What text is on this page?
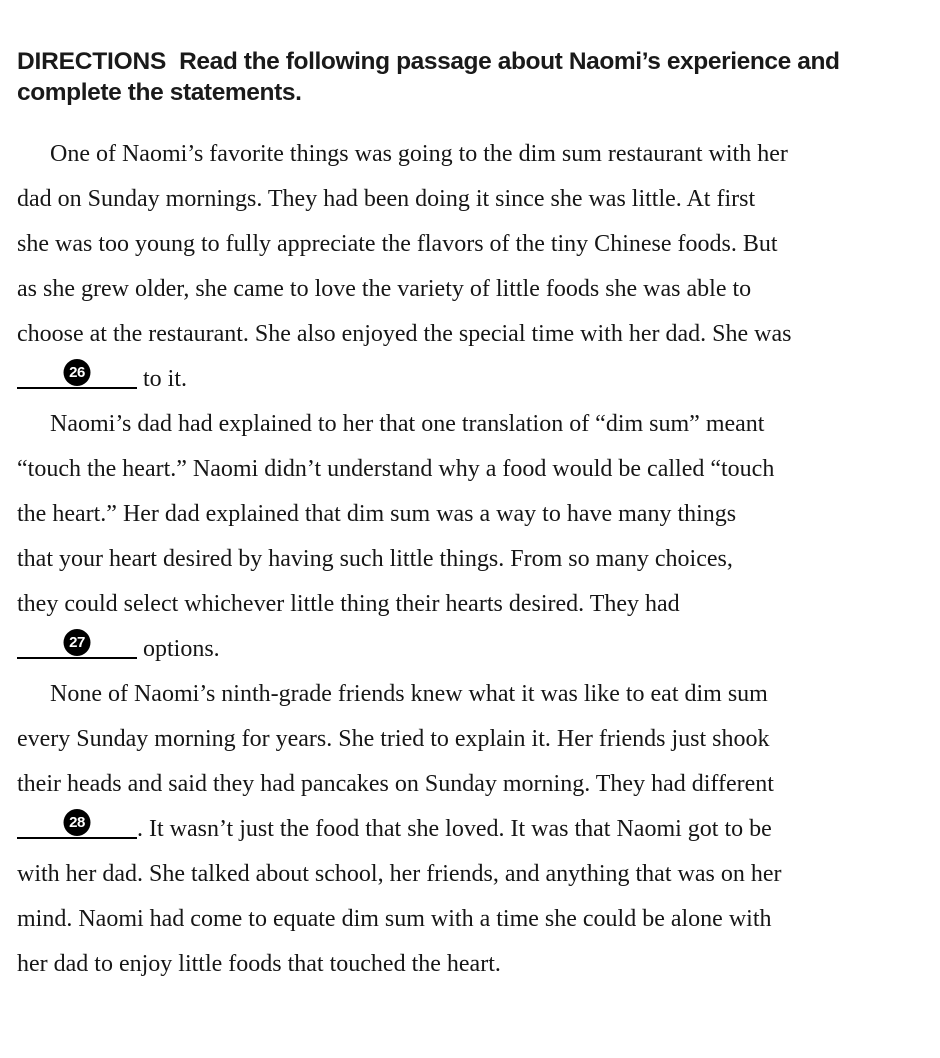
DIRECTIONS Read the following passage about Naomi’s experience and complete the statements.

One of Naomi’s favorite things was going to the dim sum restaurant with her
dad on Sunday mornings. They had been doing it since she was little. At first
she was too young to fully appreciate the flavors of the tiny Chinese foods. But
as she grew older, she came to love the variety of little foods she was able to
choose at the restaurant. She also enjoyed the special time with her dad. She was
26 to it.
Naomi’s dad had explained to her that one translation of “dim sum” meant
“touch the heart.” Naomi didn’t understand why a food would be called “touch
the heart.” Her dad explained that dim sum was a way to have many things
that your heart desired by having such little things. From so many choices,
they could select whichever little thing their hearts desired. They had
27 options.
None of Naomi’s ninth-grade friends knew what it was like to eat dim sum
every Sunday morning for years. She tried to explain it. Her friends just shook
their heads and said they had pancakes on Sunday morning. They had different
28 . It wasn’t just the food that she loved. It was that Naomi got to be
with her dad. She talked about school, her friends, and anything that was on her
mind. Naomi had come to equate dim sum with a time she could be alone with
her dad to enjoy little foods that touched the heart.
